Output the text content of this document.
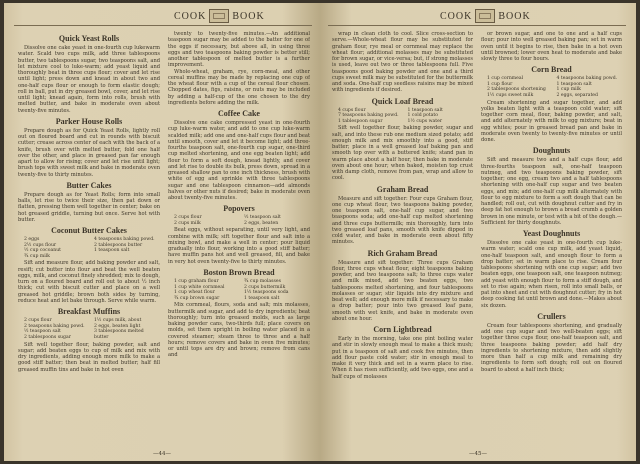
COOK	BOOK
Quick Yeast Rolls

Dissolve one cake yeast in one-fourth cup lukewarm water. Scald two cups milk, add three tablespoons butter, two tablespoons sugar, two teaspoons salt, and let mixture cool to luke-warm; add yeast liquid and thoroughly beat in three cups flour; cover and let rise until light; press down and knead in about two and one-half cups flour or enough to form elastic dough; roll in ball, put in dry greased bowl, cover, and let rise until light; knead again, form into rolls, brush with melted butter, and bake in moderate oven about twenty-five minutes.

Parker House Rolls

Prepare dough as for Quick Yeast Rolls, lightly roll out on floured board and cut in rounds with biscuit cutter; crease across center of each with the back of a knife, brush over with melted butter, fold one half over the other, and place in greased pan far enough apart to allow for rising; cover and let rise until light; brush tops with sweet milk and bake in moderate oven twenty-five to thirty minutes.

Butter Cakes

Prepare dough as for Yeast Rolls; form into small balls, let rise to twice their size, then pat down or flatten, pressing them well together in center; bake on hot greased griddle, turning but once. Serve hot with butter.

Coconut Butter Cakes
2 eggs	4 teaspoons baking powd.
2½ cups flour	2 tablespoons butter
½ cup cocoanut	1 teaspoon salt
¾ cup milk

Sift and measure flour, add baking powder and salt, resift; cut butter into flour and beat the well beaten eggs, milk, and coconut finely shredded; mix to dough, turn on a floured board and roll out to about ½ inch thick; cut with biscuit cutter and place on a well greased hot griddle; brown both sides by turning, reduce heat and let bake through. Serve while warm.

Breakfast Muffins
2 cups flour	1½ cups milk, about
2 teaspoons baking powd.	2 eggs, beaten light
½ teaspoon salt	3 tablespoons melted
2 tablespoons sugar	butter

Sift well together flour, baking powder, salt and sugar; add beaten eggs to cup of milk and mix with dry ingredients, adding enough more milk to make a good stiff batter; then beat in melted butter; half fill greased muffin tins and bake in hot oven

twenty to twenty-five minutes.—An additional teaspoon sugar may be added to the batter for one of the eggs if necessary, but above all, in using three eggs and two teaspoons baking powder is better still; another tablespoon of melted butter is a further improvement.

Whole-wheat, graham, rye, corn-meal, and other cereal muffins may be made by replacing one cup of the wheat flour with a cup of the cereal flour chosen. Chopped dates, figs, raisins, or nuts may be included by adding a half-cup of the one chosen to the dry ingredients before adding the milk.

Coffee Cake

Dissolve one cake compressed yeast in one-fourth cup luke-warm water, and add to one cup luke-warm scalded milk; add one and one-half cups flour and beat until smooth, cover and let it become light; add three-fourths teaspoon salt, one-fourth cup sugar, one-third cup melted shortening, and one egg beaten light; add flour to form a soft dough, knead lightly, and cover and let rise to double its bulk, press down, spread in a greased shallow pan to one inch thickness, brush with white of egg and sprinkle with three tablespoons sugar and one tablespoon cinnamon—add almonds halves or other nuts if desired; bake in moderate oven about twenty-five minutes.

Popovers
2 cups flour	½ teaspoon salt
2 cups milk	2 eggs, beaten

Beat eggs, without separating, until very light, and combine with milk; sift together flour and salt into a mixing bowl, and make a well in center; pour liquid gradually into flour, working into a good stiff batter; have muffin pans hot and well greased, fill, and bake in very hot oven twenty-five to thirty minutes.

Boston Brown Bread
1 cup graham flour	¾ cup molasses
1 cup white cornmeal	2 cups buttermilk
1 cup wheat flour	1½ teaspoons soda
¾ cup brown sugar	1 teaspoon salt

Mix cornmeal, flours, soda and salt; mix molasses, buttermilk and sugar, and add to dry ingredients; beat thoroughly; turn into greased molds, such as large baking powder cans, two-thirds full; place covers on molds, set them upright in boiling water placed in a covered steamer; steam three to three and a half hours; remove covers and bake in oven five minutes; or until tops are dry and brown; remove from cans and

—44—
COOK	BOOK

wrap in clean cloth to cool. Slice cross-section to serve.—Whole-wheat flour may be substituted for graham flour, rye meal or cornmeal may replace the wheat flour; additional molasses may be substituted for brown sugar, or vice-versa; but, if strong molasses is used, leave out two or three tablespoons full. Five teaspoons good baking powder and one and a third cups sweet milk may be substituted for the buttermilk and soda. One-half cup seedless raisins may be mixed with ingredients if desired.

Quick Loaf Bread
4 cups flour	1 teaspoon salt
7 teaspoons baking powd.	1 cold potato
1 tablespoon sugar	1½ cups water

Sift well together flour, baking powder, sugar and salt, and into these rub one medium sized potato; add enough milk and mix smoothly into a good, stiff batter; place in a well greased loaf baking pan and smooth top over with a buttered knife; stand pan in warm place about a half hour, then bake in moderate oven about one hour; when baked, moisten top crust with damp cloth, remove from pan, wrap and allow to cool.

Graham Bread

Measure and sift together: Four cups Graham flour, one cup wheat flour, two teaspoons baking powder, one teaspoon salt, one-half cup sugar, and two teaspoons soda; add one-half cup melted shortening and three cups buttermilk; mix thoroughly, turn into two greased loaf pans, smooth with knife dipped in cold water, and bake in moderate oven about fifty minutes.

Rich Graham Bread

Measure and sift together: Three cups Graham flour, three cups wheat flour, eight teaspoons baking powder, and two teaspoons salt; to three cups water and milk mixed, add two beaten eggs, two tablespoons melted shortening, and four tablespoons molasses or sugar; stir liquids into dry mixture and beat well; add enough more milk if necessary to make a drop batter; pour into two greased loaf pans, smooth with wet knife, and bake in moderate oven about one hour.

Corn Lightbread

Early in the morning, take one pint boiling water and stir in slowly enough meal to make a thick mush; put in a teaspoon of salt and cook five minutes, then add flour paste cold water; stir in enough meal to make it very thick and set in a warm place to rise. When it has risen sufficiently, add two eggs, one and a half cups of molasses

or brown sugar, and one to one and a half cups flour; pour into well greased baking pan; set in warm oven until it begins to rise, then bake in a hot oven until browned; lower oven heat to moderate and bake slowly three to four hours.

Corn Bread
1 cup cornmeal	4 teaspoons baking powd.
1 cup flour	1 teaspoon salt
2 tablespoons shortening	1 cup milk
1½ cups sweet milk	2 eggs, separated

Cream shortening and sugar together, and add yolks beaten light with a teaspoon cold water; sift together corn meal, flour, baking powder, and salt, and add alternately with milk to egg mixture; beat in egg whites; pour in greased bread pan and bake in moderate oven twenty to twenty-five minutes or until done.

Doughnuts

Sift and measure two and a half cups flour, add three-fourths teaspoon salt, one-half teaspoon nutmeg, and two teaspoons baking powder, sift together; one egg, cream two and a half tablespoons shortening with one-half cup sugar and two beaten eggs, and mix; add one-half cup milk alternately with flour to egg mixture to form a soft dough that can be handled; roll out, cut with doughnut cutter and fry in deep fat hot enough to brown a bread crumb a golden brown in one minute, or test with a bit of the dough.—Sufficient for thirty doughnuts.

Yeast Doughnuts

Dissolve one cake yeast in one-fourth cup luke-warm water; scald one cup milk, add yeast liquid, one-half teaspoon salt, and enough flour to form a drop batter; set in warm place to rise. Cream four tablespoons shortening with one cup sugar; add two beaten eggs, one teaspoon salt, one teaspoon nutmeg; add yeast with enough flour to form a stiff dough, and set to rise again; when risen, roll into small balls, or pat into sheet and cut with doughnut cutter; fry in hot deep cooking fat until brown and done.—Makes about six dozen.

Crullers

Cream four tablespoons shortening, and gradually add one cup sugar and two well-beaten eggs; sift together three cups flour, one-half teaspoon salt, and three teaspoons baking powder; add half dry ingredients to shortening mixture, then add slightly more than half a cup milk and remaining dry ingredients to form soft dough; roll out on floured board to about a half inch thick;

—45—
